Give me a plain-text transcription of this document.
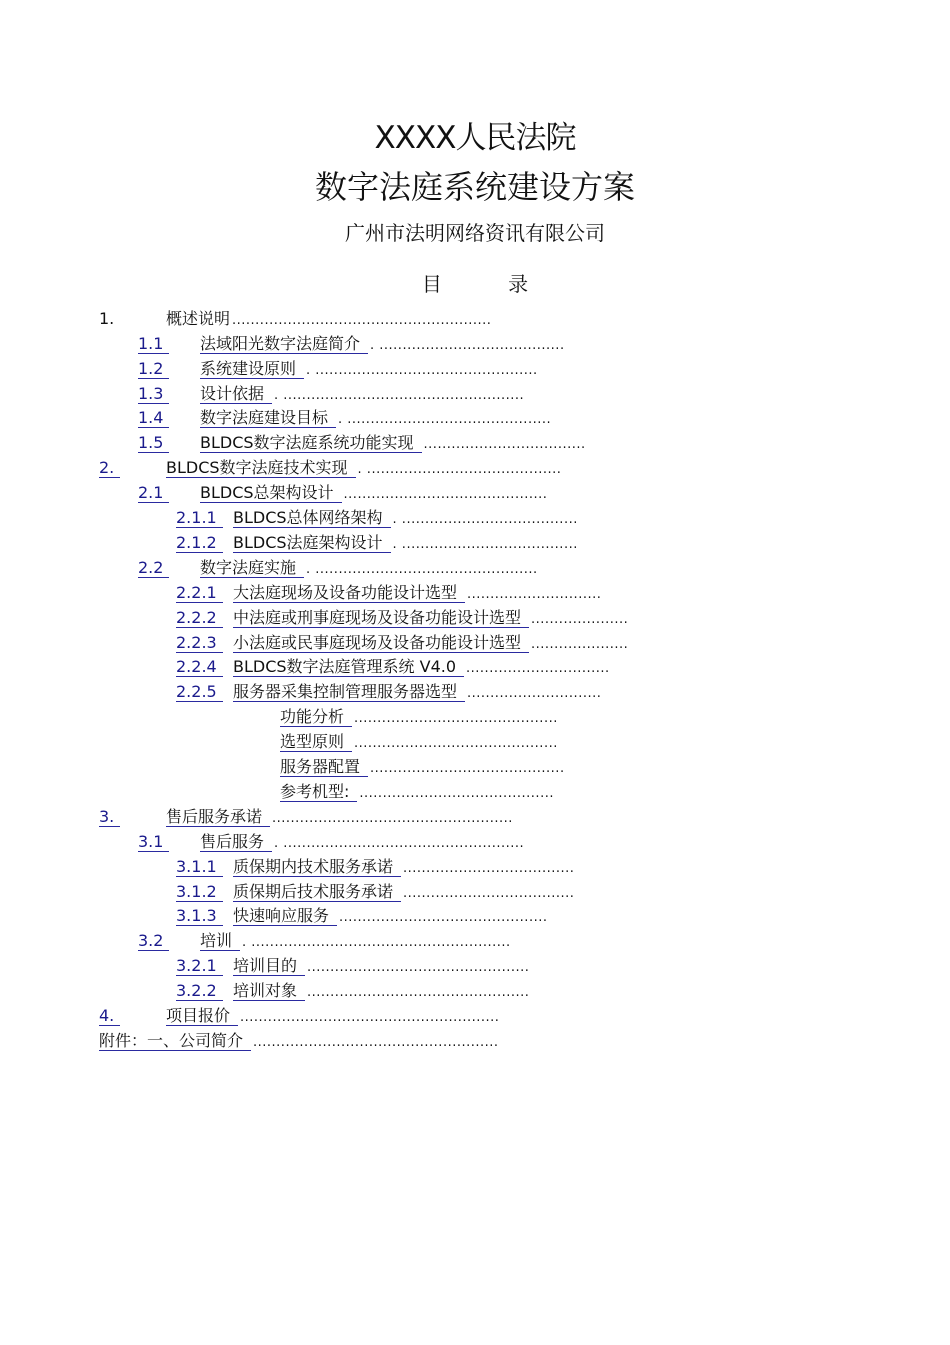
XXXX人民法院
数字法庭系统建设方案
广州市法明网络资讯有限公司
目 录
1.	概述说明 ........................................................
1.1	法域阳光数字法庭简介 . ........................................
1.2	系统建设原则 . ................................................
1.3	设计依据 . ....................................................
1.4	数字法庭建设目标 . ............................................
1.5	BLDCS数字法庭系统功能实现 ...................................
2.	BLDCS数字法庭技术实现 . ..........................................
2.1	BLDCS总架构设计 ............................................
2.1.1	BLDCS总体网络架构 . ......................................
2.1.2	BLDCS法庭架构设计 . ......................................
2.2	数字法庭实施 . ................................................
2.2.1	大法庭现场及设备功能设计选型 .............................
2.2.2	中法庭或刑事庭现场及设备功能设计选型 .....................
2.2.3	小法庭或民事庭现场及设备功能设计选型 .....................
2.2.4	BLDCS数字法庭管理系统 V4.0 ...............................
2.2.5	服务器采集控制管理服务器选型 .............................
功能分析 ............................................
选型原则 ............................................
服务器配置 ..........................................
参考机型: ..........................................
3.	售后服务承诺 ....................................................
3.1	售后服务 . ....................................................
3.1.1	质保期内技术服务承诺 .....................................
3.1.2	质保期后技术服务承诺 .....................................
3.1.3	快速响应服务 .............................................
3.2	培训 . ........................................................
3.2.1	培训目的 ................................................
3.2.2	培训对象 ................................................
4.	项目报价 ........................................................
附件：一、公司简介 .....................................................
